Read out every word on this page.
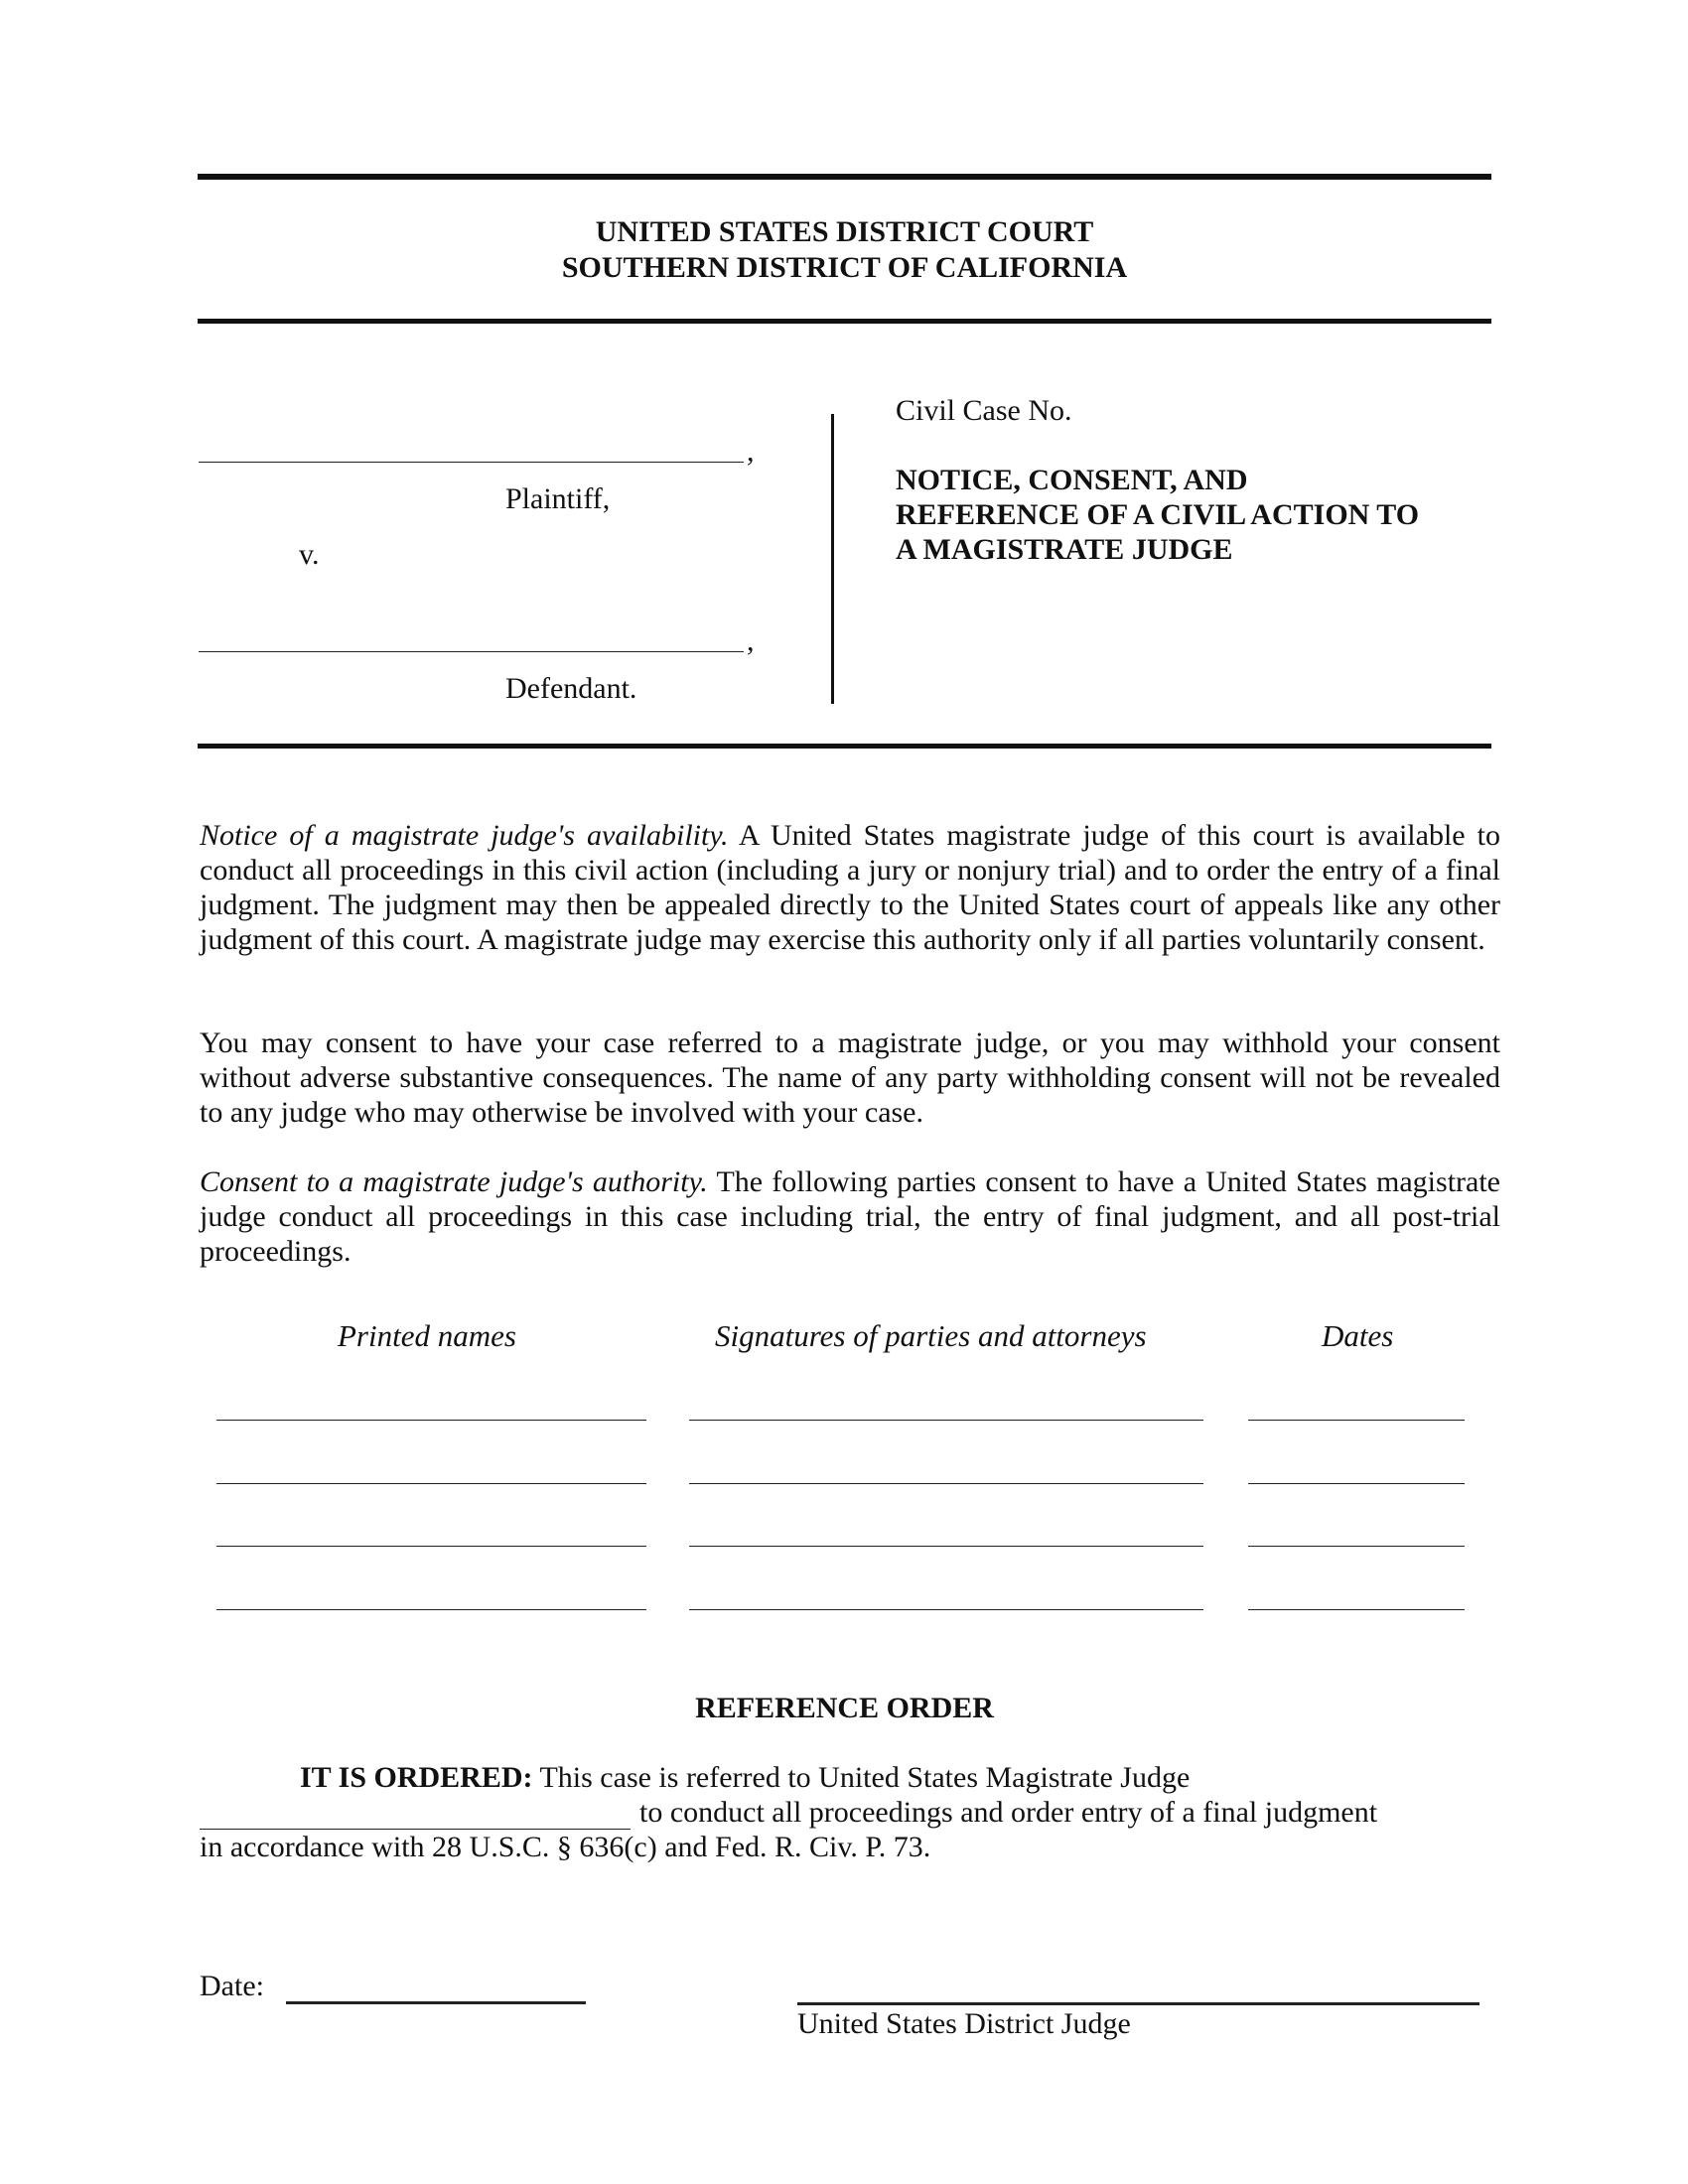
UNITED STATES DISTRICT COURT
SOUTHERN DISTRICT OF CALIFORNIA
,
Plaintiff,
v.
,
Defendant.
Civil Case No.
NOTICE, CONSENT, AND
REFERENCE OF A CIVIL ACTION TO
A MAGISTRATE JUDGE
Notice of a magistrate judge's availability. A United States magistrate judge of this court is available to conduct all proceedings in this civil action (including a jury or nonjury trial) and to order the entry of a final judgment. The judgment may then be appealed directly to the United States court of appeals like any other judgment of this court. A magistrate judge may exercise this authority only if all parties voluntarily consent.
You may consent to have your case referred to a magistrate judge, or you may withhold your consent without adverse substantive consequences. The name of any party withholding consent will not be revealed to any judge who may otherwise be involved with your case.
Consent to a magistrate judge's authority. The following parties consent to have a United States magistrate judge conduct all proceedings in this case including trial, the entry of final judgment, and all post-trial proceedings.
Printed names	Signatures of parties and attorneys	Dates
REFERENCE ORDER
IT IS ORDERED: This case is referred to United States Magistrate Judge
to conduct all proceedings and order entry of a final judgment
in accordance with 28 U.S.C. § 636(c) and Fed. R. Civ. P. 73.
Date:
United States District Judge
